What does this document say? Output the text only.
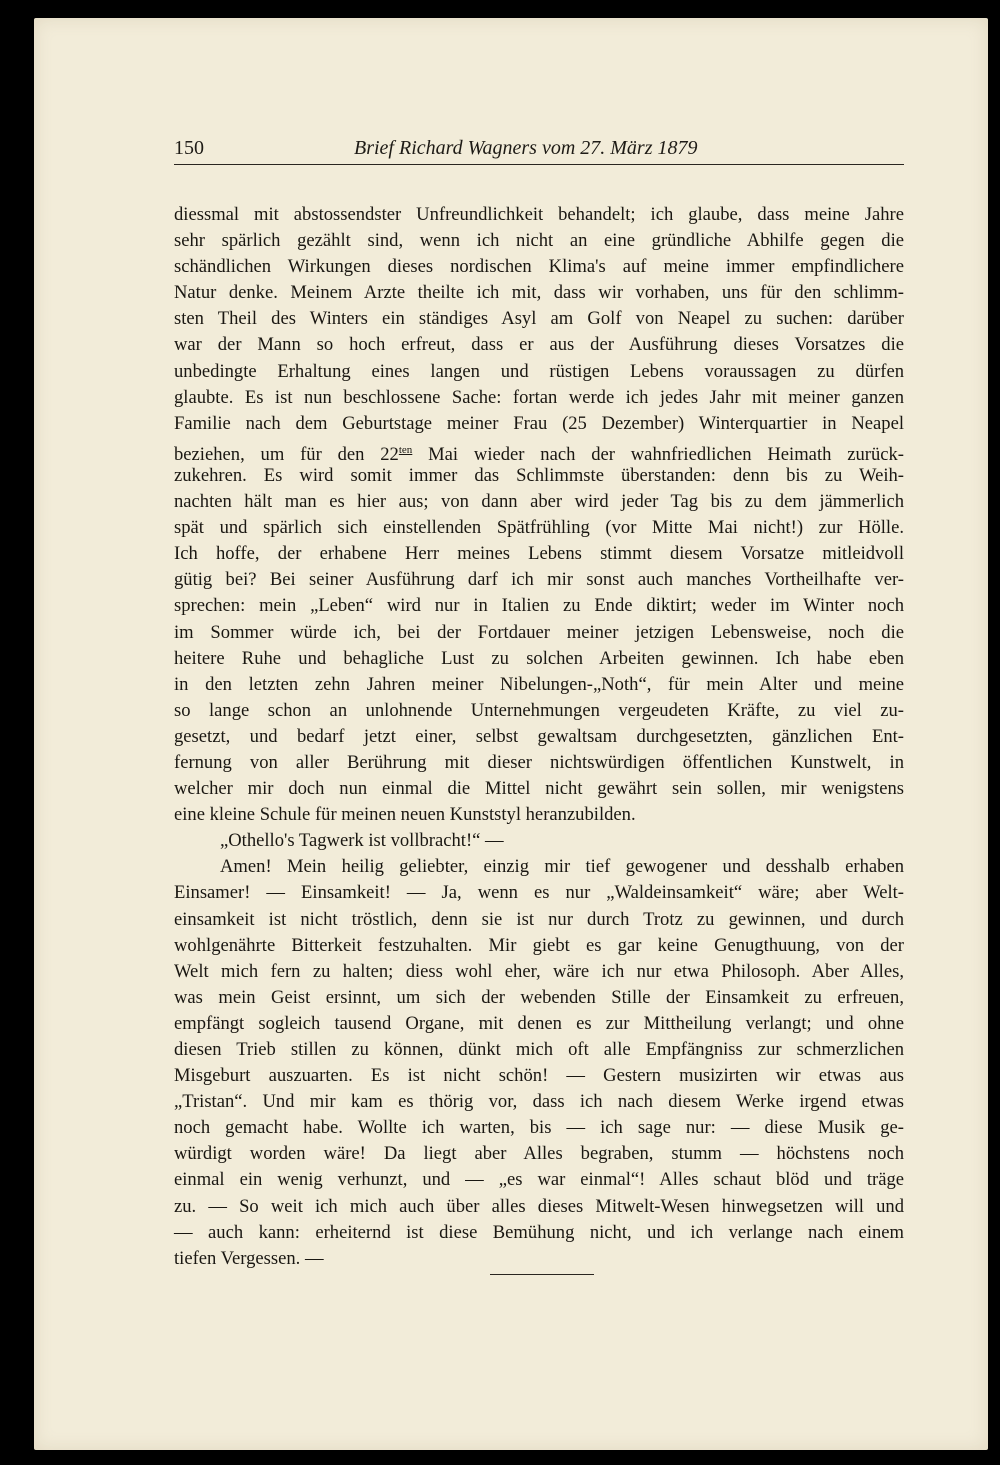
150	Brief Richard Wagners vom 27. März 1879
diessmal mit abstossendster Unfreundlichkeit behandelt; ich glaube, dass meine Jahre
sehr spärlich gezählt sind, wenn ich nicht an eine gründliche Abhilfe gegen die
schändlichen Wirkungen dieses nordischen Klima's auf meine immer empfindlichere
Natur denke. Meinem Arzte theilte ich mit, dass wir vorhaben, uns für den schlimm-
sten Theil des Winters ein ständiges Asyl am Golf von Neapel zu suchen: darüber
war der Mann so hoch erfreut, dass er aus der Ausführung dieses Vorsatzes die
unbedingte Erhaltung eines langen und rüstigen Lebens voraussagen zu dürfen
glaubte. Es ist nun beschlossene Sache: fortan werde ich jedes Jahr mit meiner ganzen
Familie nach dem Geburtstage meiner Frau (25 Dezember) Winterquartier in Neapel
beziehen, um für den $22^{ten}$ Mai wieder nach der wahnfriedlichen Heimath zurück-
zukehren. Es wird somit immer das Schlimmste überstanden: denn bis zu Weih-
nachten hält man es hier aus; von dann aber wird jeder Tag bis zu dem jämmerlich
spät und spärlich sich einstellenden Spätfrühling (vor Mitte Mai nicht!) zur Hölle.
Ich hoffe, der erhabene Herr meines Lebens stimmt diesem Vorsatze mitleidvoll
gütig bei? Bei seiner Ausführung darf ich mir sonst auch manches Vortheilhafte ver-
sprechen: mein „Leben“ wird nur in Italien zu Ende diktirt; weder im Winter noch
im Sommer würde ich, bei der Fortdauer meiner jetzigen Lebensweise, noch die
heitere Ruhe und behagliche Lust zu solchen Arbeiten gewinnen. Ich habe eben
in den letzten zehn Jahren meiner Nibelungen-„Noth“, für mein Alter und meine
so lange schon an unlohnende Unternehmungen vergeudeten Kräfte, zu viel zu-
gesetzt, und bedarf jetzt einer, selbst gewaltsam durchgesetzten, gänzlichen Ent-
fernung von aller Berührung mit dieser nichtswürdigen öffentlichen Kunstwelt, in
welcher mir doch nun einmal die Mittel nicht gewährt sein sollen, mir wenigstens
eine kleine Schule für meinen neuen Kunststyl heranzubilden.
„Othello's Tagwerk ist vollbracht!“ —
Amen! Mein heilig geliebter, einzig mir tief gewogener und desshalb erhaben
Einsamer! — Einsamkeit! — Ja, wenn es nur „Waldeinsamkeit“ wäre; aber Welt-
einsamkeit ist nicht tröstlich, denn sie ist nur durch Trotz zu gewinnen, und durch
wohlgenährte Bitterkeit festzuhalten. Mir giebt es gar keine Genugthuung, von der
Welt mich fern zu halten; diess wohl eher, wäre ich nur etwa Philosoph. Aber Alles,
was mein Geist ersinnt, um sich der webenden Stille der Einsamkeit zu erfreuen,
empfängt sogleich tausend Organe, mit denen es zur Mittheilung verlangt; und ohne
diesen Trieb stillen zu können, dünkt mich oft alle Empfängniss zur schmerzlichen
Misgeburt auszuarten. Es ist nicht schön! — Gestern musizirten wir etwas aus
„Tristan“. Und mir kam es thörig vor, dass ich nach diesem Werke irgend etwas
noch gemacht habe. Wollte ich warten, bis — ich sage nur: — diese Musik ge-
würdigt worden wäre! Da liegt aber Alles begraben, stumm — höchstens noch
einmal ein wenig verhunzt, und — „es war einmal“! Alles schaut blöd und träge
zu. — So weit ich mich auch über alles dieses Mitwelt-Wesen hinwegsetzen will und
— auch kann: erheiternd ist diese Bemühung nicht, und ich verlange nach einem
tiefen Vergessen. —
